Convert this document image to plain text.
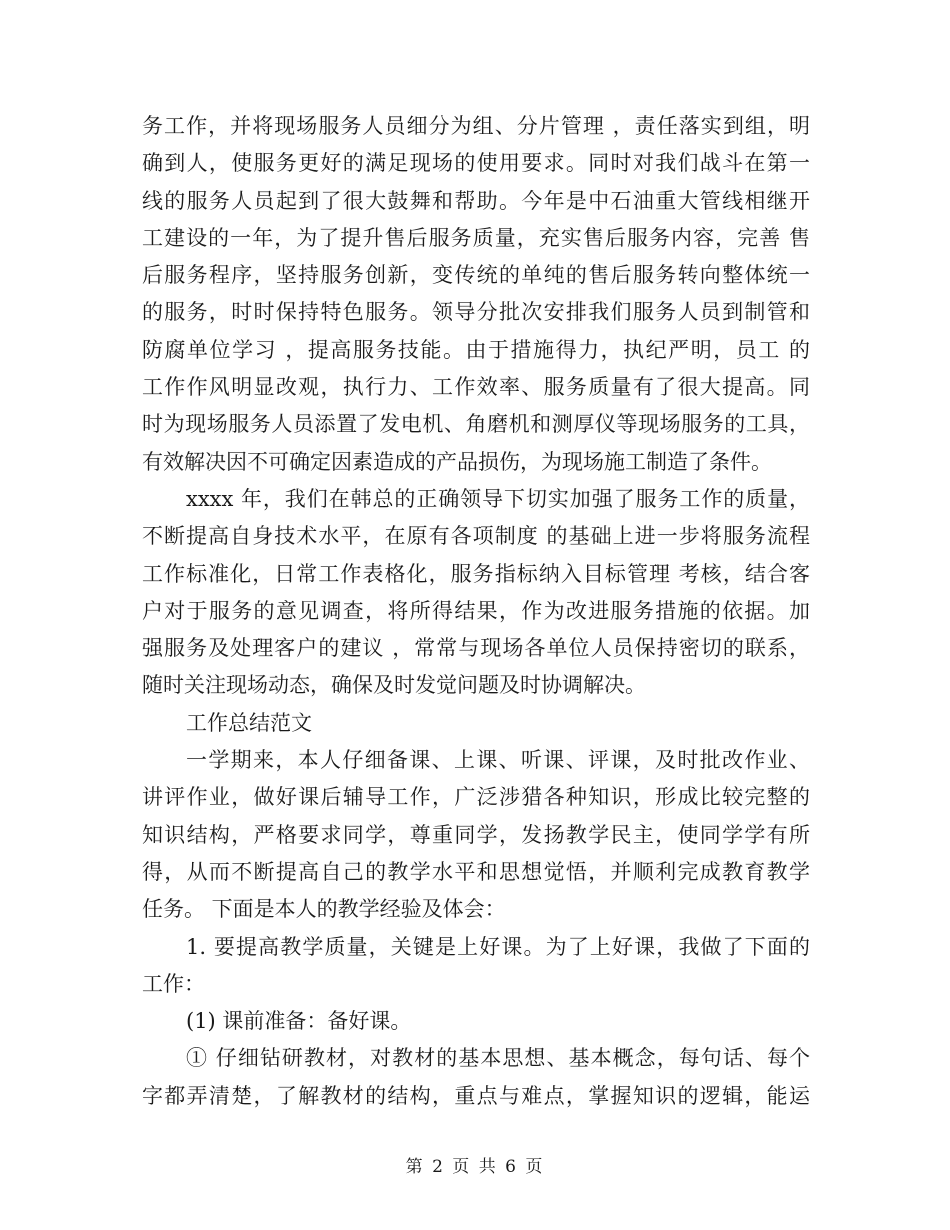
务工作，并将现场服务人员细分为组、分片管理 ，责任落实到组，明
确到人，使服务更好的满足现场的使用要求。同时对我们战斗在第一
线的服务人员起到了很大鼓舞和帮助。今年是中石油重大管线相继开
工建设的一年，为了提升售后服务质量，充实售后服务内容，完善 售
后服务程序，坚持服务创新，变传统的单纯的售后服务转向整体统一
的服务，时时保持特色服务。领导分批次安排我们服务人员到制管和
防腐单位学习 ，提高服务技能。由于措施得力，执纪严明，员工 的
工作作风明显改观，执行力、工作效率、服务质量有了很大提高。同
时为现场服务人员添置了发电机、角磨机和测厚仪等现场服务的工具，
有效解决因不可确定因素造成的产品损伤，为现场施工制造了条件。
xxxx 年，我们在韩总的正确领导下切实加强了服务工作的质量，
不断提高自身技术水平，在原有各项制度 的基础上进一步将服务流程
工作标准化，日常工作表格化，服务指标纳入目标管理 考核，结合客
户对于服务的意见调查，将所得结果，作为改进服务措施的依据。加
强服务及处理客户的建议 ，常常与现场各单位人员保持密切的联系，
随时关注现场动态，确保及时发觉问题及时协调解决。
工作总结范文
一学期来，本人仔细备课、上课、听课、评课，及时批改作业、
讲评作业，做好课后辅导工作，广泛涉猎各种知识，形成比较完整的
知识结构，严格要求同学，尊重同学，发扬教学民主，使同学学有所
得，从而不断提高自己的教学水平和思想觉悟，并顺利完成教育教学
任务。 下面是本人的教学经验及体会：
1. 要提高教学质量，关键是上好课。为了上好课，我做了下面的
工作：
(1) 课前准备：备好课。
① 仔细钻研教材，对教材的基本思想、基本概念，每句话、每个
字都弄清楚，了解教材的结构，重点与难点，掌握知识的逻辑，能运
第 2 页 共 6 页
